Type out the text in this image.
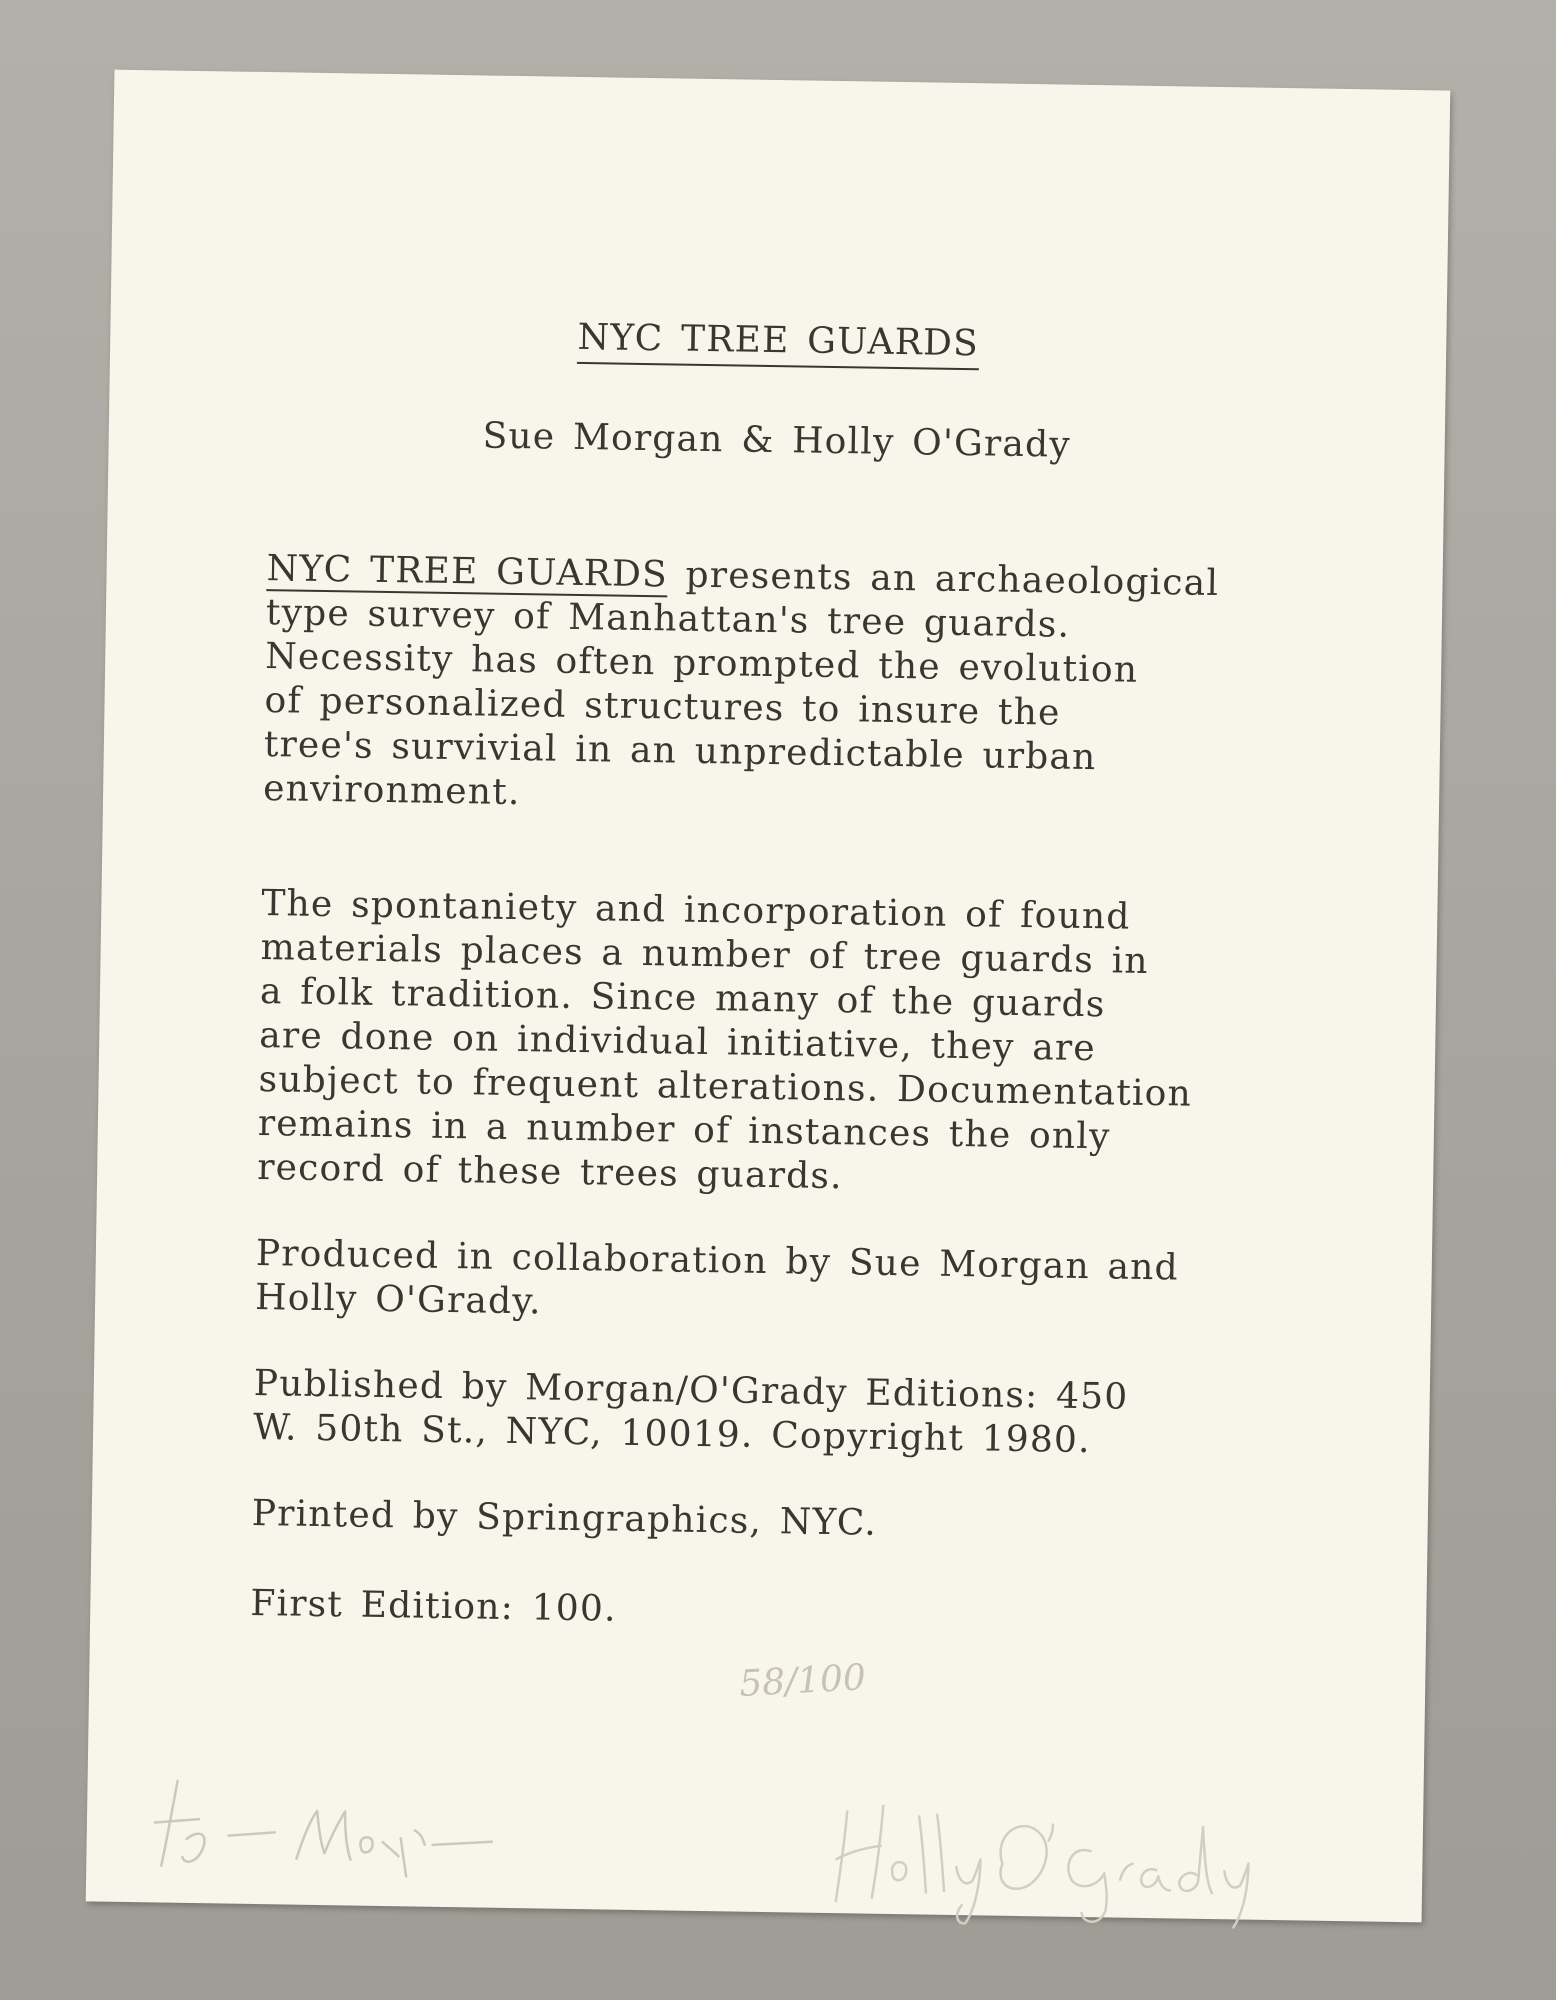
NYC TREE GUARDS
Sue Morgan & Holly O'Grady
NYC TREE GUARDS presents an archaeological
type survey of Manhattan's tree guards.
Necessity has often prompted the evolution
of personalized structures to insure the
tree's survivial in an unpredictable urban
environment.
The spontaniety and incorporation of found
materials places a number of tree guards in
a folk tradition. Since many of the guards
are done on individual initiative, they are
subject to frequent alterations. Documentation
remains in a number of instances the only
record of these trees guards.
Produced in collaboration by Sue Morgan and
Holly O'Grady.
Published by Morgan/O'Grady Editions: 450
W. 50th St., NYC, 10019. Copyright 1980.
Printed by Springraphics, NYC.
First Edition: 100.
58/100
